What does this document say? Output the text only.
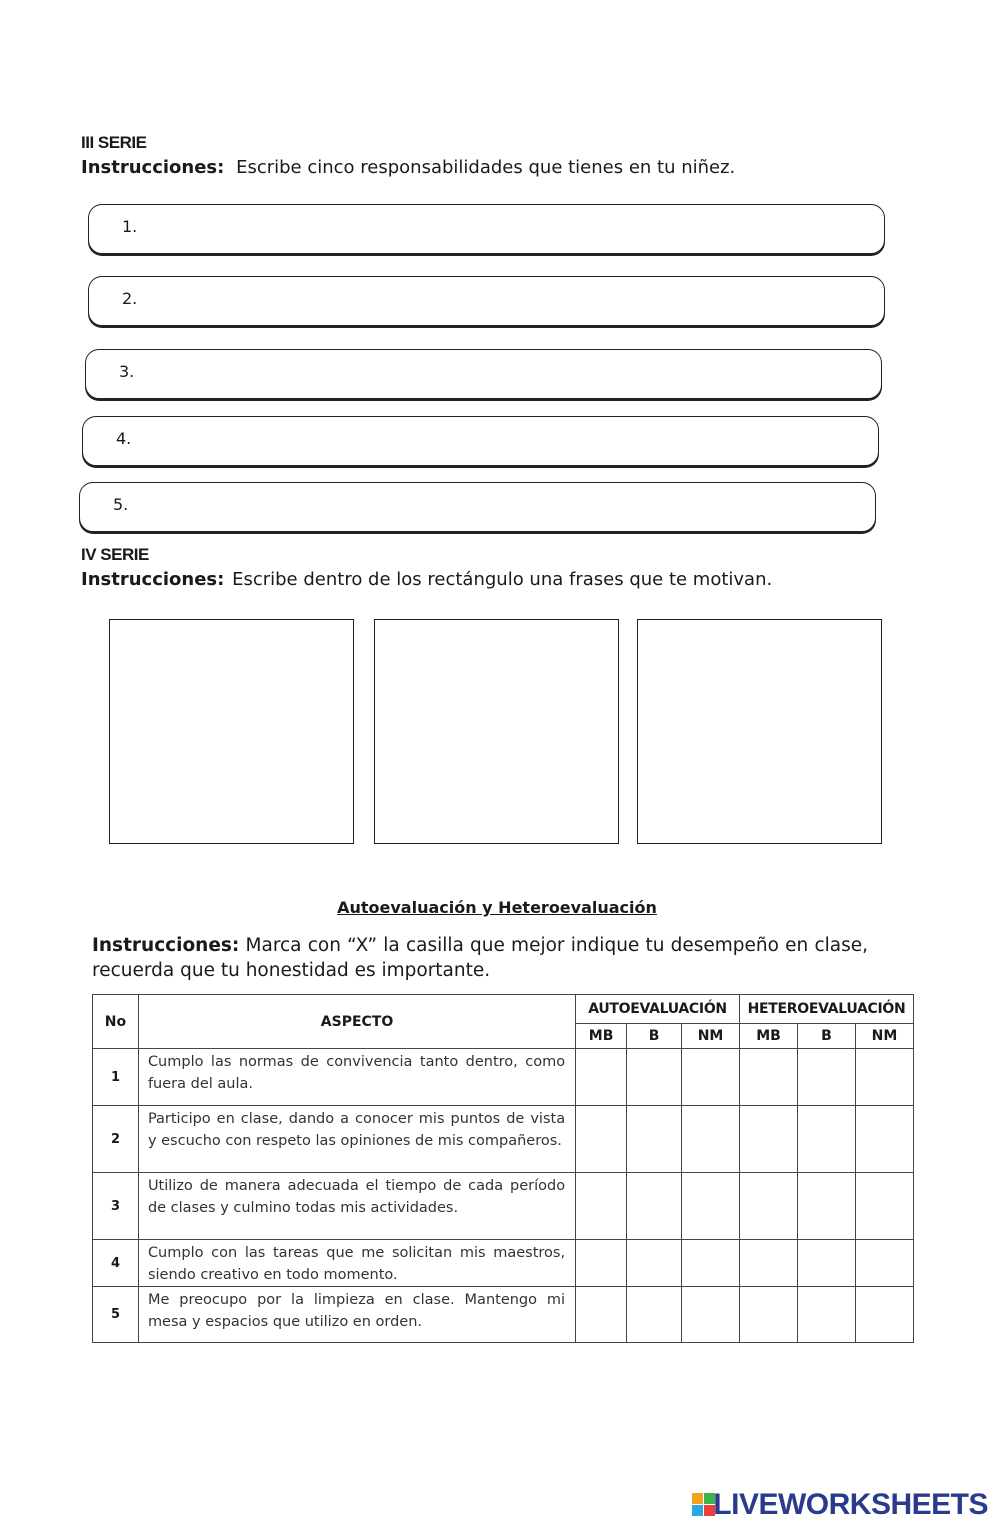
III SERIE
Instrucciones: Escribe cinco responsabilidades que tienes en tu niñez.
1.
2.
3.
4.
5.
IV SERIE
Instrucciones: Escribe dentro de los rectángulo una frases que te motivan.
Autoevaluación y Heteroevaluación
Instrucciones: Marca con “X” la casilla que mejor indique tu desempeño en clase, recuerda que tu honestidad es importante.
No	ASPECTO	AUTOEVALUACIÓN			HETEROEVALUACIÓN		
		MB	B	NM	MB	B	NM
1	Cumplo las normas de convivencia tanto dentro, como fuera del aula.						
2	Participo en clase, dando a conocer mis puntos de vista y escucho con respeto las opiniones de mis compañeros.						
3	Utilizo de manera adecuada el tiempo de cada período de clases y culmino todas mis actividades.						
4	Cumplo con las tareas que me solicitan mis maestros, siendo creativo en todo momento.						
5	Me preocupo por la limpieza en clase. Mantengo mi mesa y espacios que utilizo en orden.						
LIVEWORKSHEETS
